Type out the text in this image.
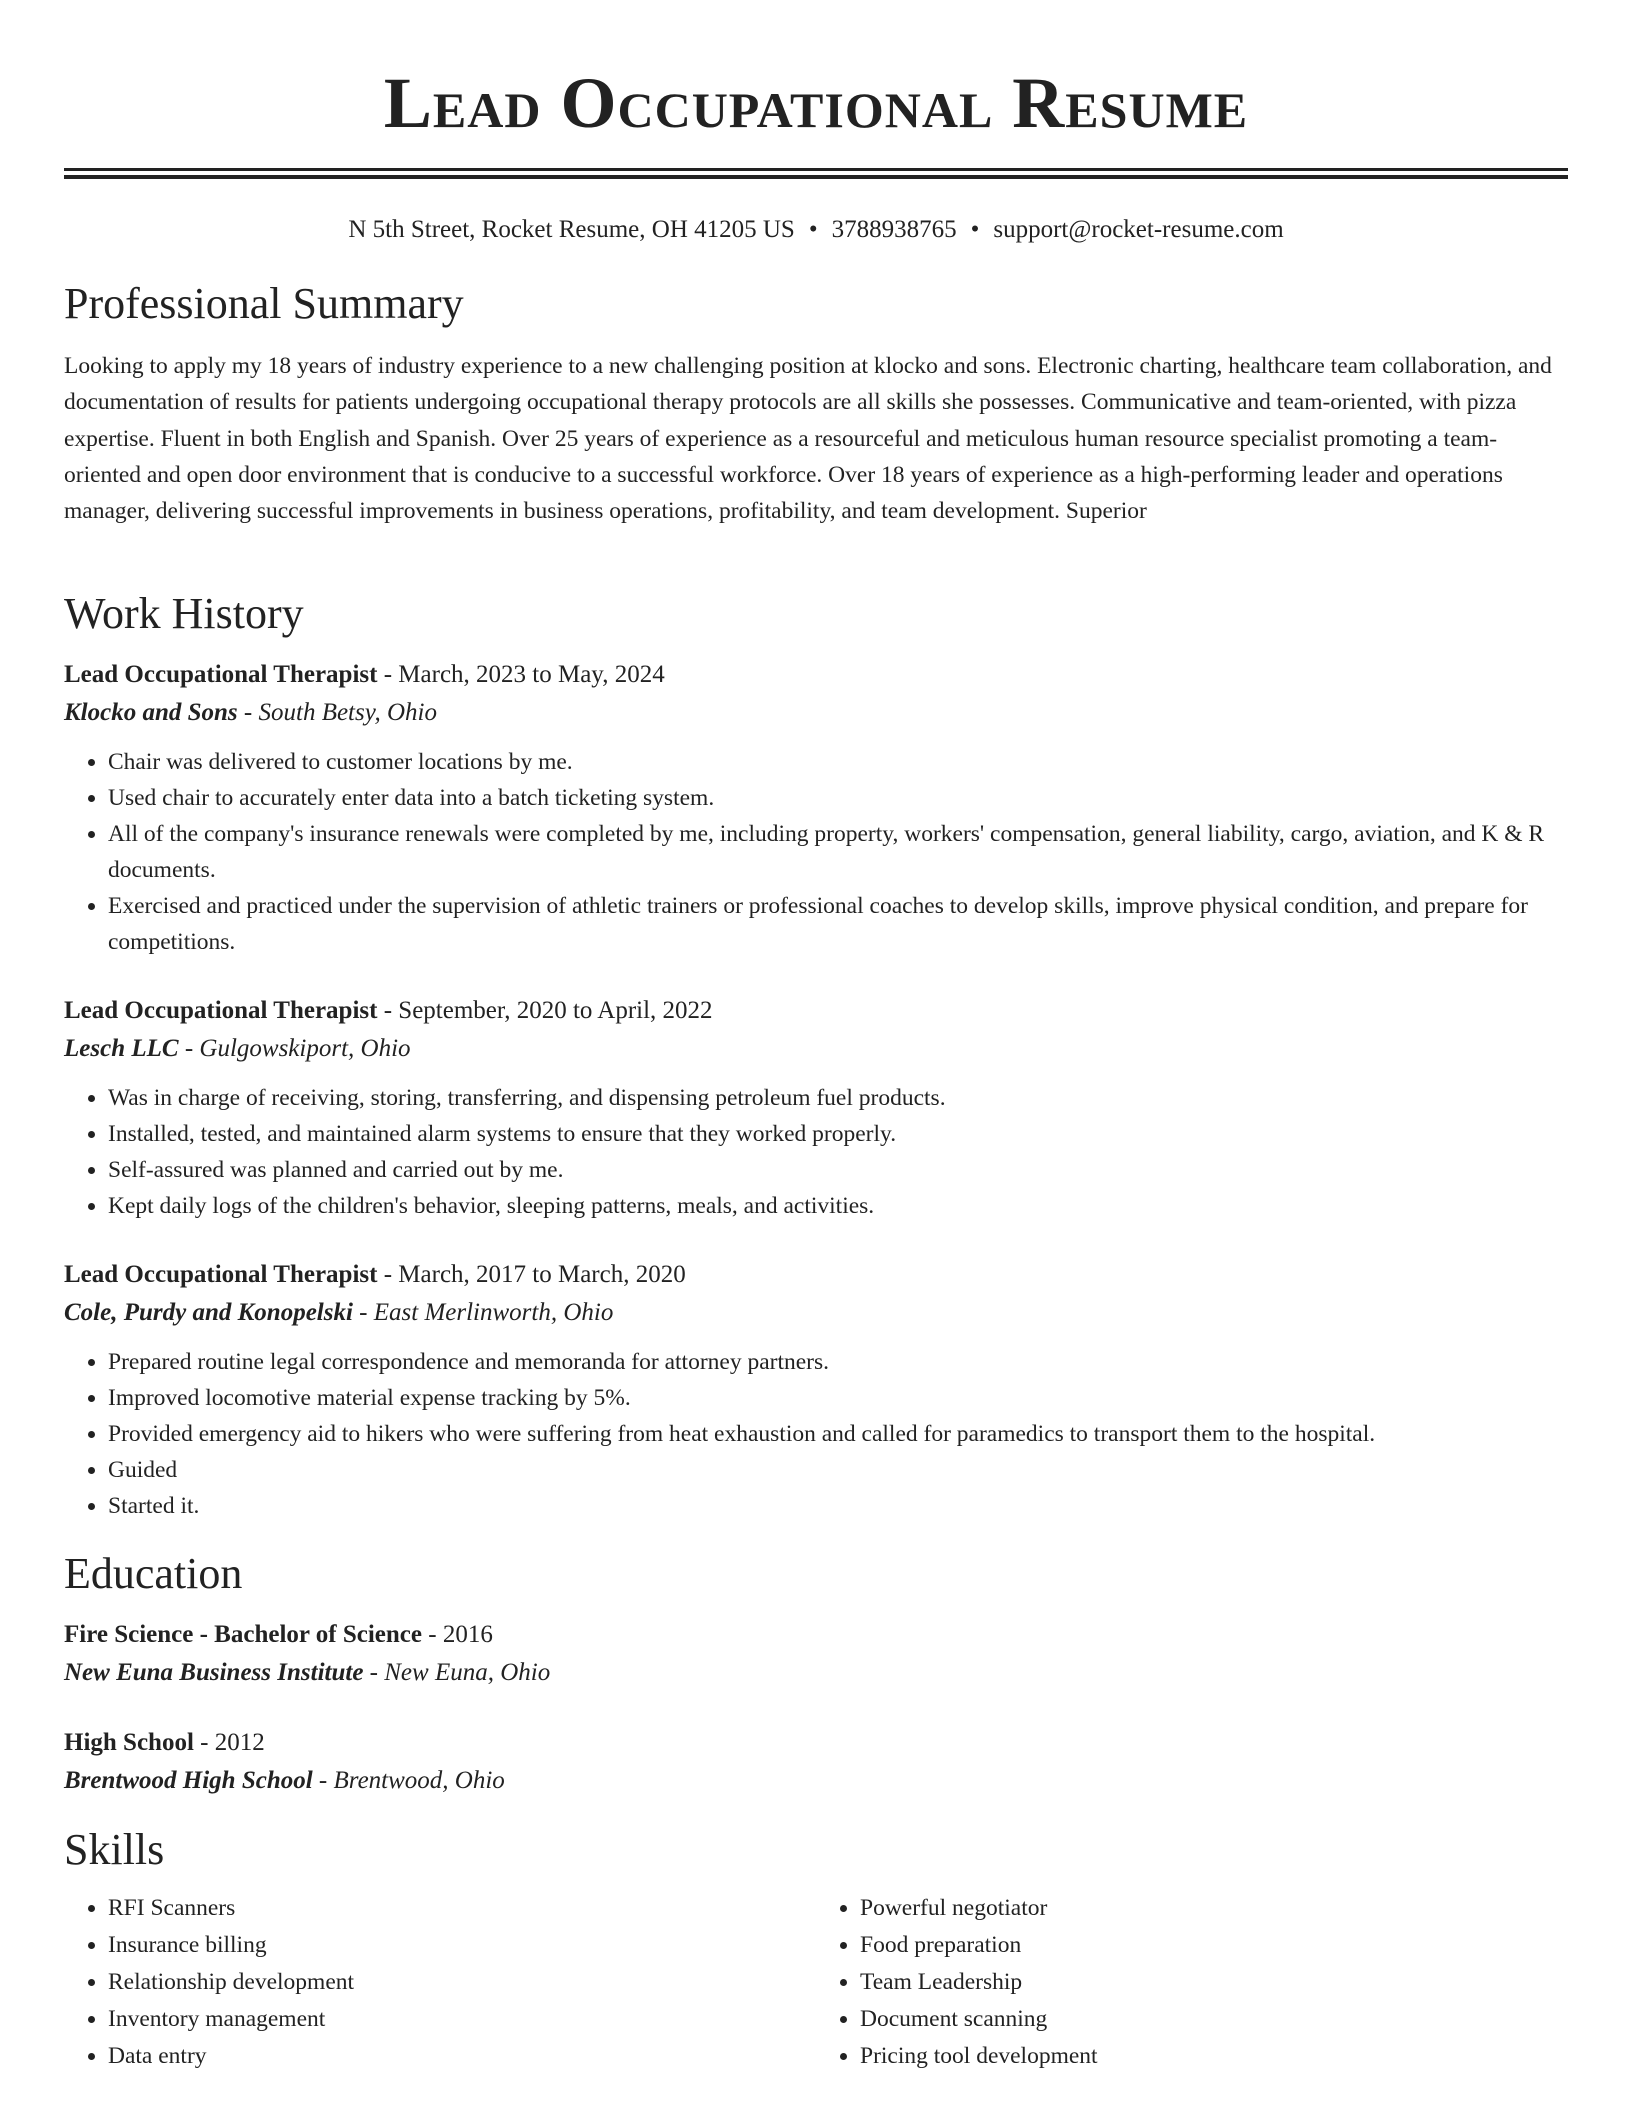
Lead Occupational Resume
N 5th Street, Rocket Resume, OH 41205 US • 3788938765 • support@rocket-resume.com
Professional Summary
Looking to apply my 18 years of industry experience to a new challenging position at klocko and sons. Electronic charting, healthcare team collaboration, and documentation of results for patients undergoing occupational therapy protocols are all skills she possesses. Communicative and team-oriented, with pizza expertise. Fluent in both English and Spanish. Over 25 years of experience as a resourceful and meticulous human resource specialist promoting a team-oriented and open door environment that is conducive to a successful workforce. Over 18 years of experience as a high-performing leader and operations manager, delivering successful improvements in business operations, profitability, and team development. Superior
Work History
Lead Occupational Therapist - March, 2023 to May, 2024
Klocko and Sons - South Betsy, Ohio
• Chair was delivered to customer locations by me.
• Used chair to accurately enter data into a batch ticketing system.
• All of the company's insurance renewals were completed by me, including property, workers' compensation, general liability, cargo, aviation, and K & R documents.
• Exercised and practiced under the supervision of athletic trainers or professional coaches to develop skills, improve physical condition, and prepare for competitions.
Lead Occupational Therapist - September, 2020 to April, 2022
Lesch LLC - Gulgowskiport, Ohio
• Was in charge of receiving, storing, transferring, and dispensing petroleum fuel products.
• Installed, tested, and maintained alarm systems to ensure that they worked properly.
• Self-assured was planned and carried out by me.
• Kept daily logs of the children's behavior, sleeping patterns, meals, and activities.
Lead Occupational Therapist - March, 2017 to March, 2020
Cole, Purdy and Konopelski - East Merlinworth, Ohio
• Prepared routine legal correspondence and memoranda for attorney partners.
• Improved locomotive material expense tracking by 5%.
• Provided emergency aid to hikers who were suffering from heat exhaustion and called for paramedics to transport them to the hospital.
• Guided
• Started it.
Education
Fire Science - Bachelor of Science - 2016
New Euna Business Institute - New Euna, Ohio
High School - 2012
Brentwood High School - Brentwood, Ohio
Skills
• RFI Scanners
• Insurance billing
• Relationship development
• Inventory management
• Data entry
• Powerful negotiator
• Food preparation
• Team Leadership
• Document scanning
• Pricing tool development
